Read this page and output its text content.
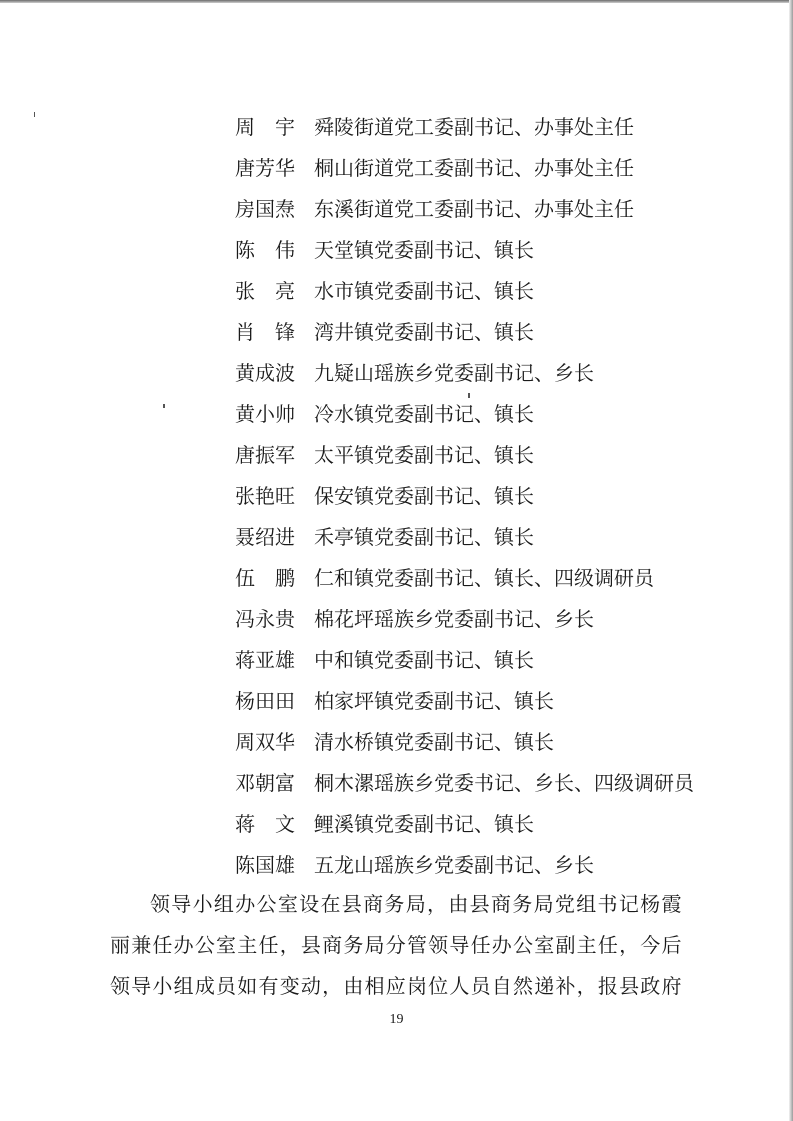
周宇 舜陵街道党工委副书记、办事处主任
唐芳华 桐山街道党工委副书记、办事处主任
房国焘 东溪街道党工委副书记、办事处主任
陈伟 天堂镇党委副书记、镇长
张亮 水市镇党委副书记、镇长
肖锋 湾井镇党委副书记、镇长
黄成波 九疑山瑶族乡党委副书记、乡长
黄小帅 冷水镇党委副书记、镇长
唐振军 太平镇党委副书记、镇长
张艳旺 保安镇党委副书记、镇长
聂绍进 禾亭镇党委副书记、镇长
伍鹏 仁和镇党委副书记、镇长、四级调研员
冯永贵 棉花坪瑶族乡党委副书记、乡长
蒋亚雄 中和镇党委副书记、镇长
杨田田 柏家坪镇党委副书记、镇长
周双华 清水桥镇党委副书记、镇长
邓朝富 桐木漯瑶族乡党委书记、乡长、四级调研员
蒋文 鲤溪镇党委副书记、镇长
陈国雄 五龙山瑶族乡党委副书记、乡长

领导小组办公室设在县商务局，由县商务局党组书记杨霞丽兼任办公室主任，县商务局分管领导任办公室副主任，今后领导小组成员如有变动，由相应岗位人员自然递补，报县政府

19
